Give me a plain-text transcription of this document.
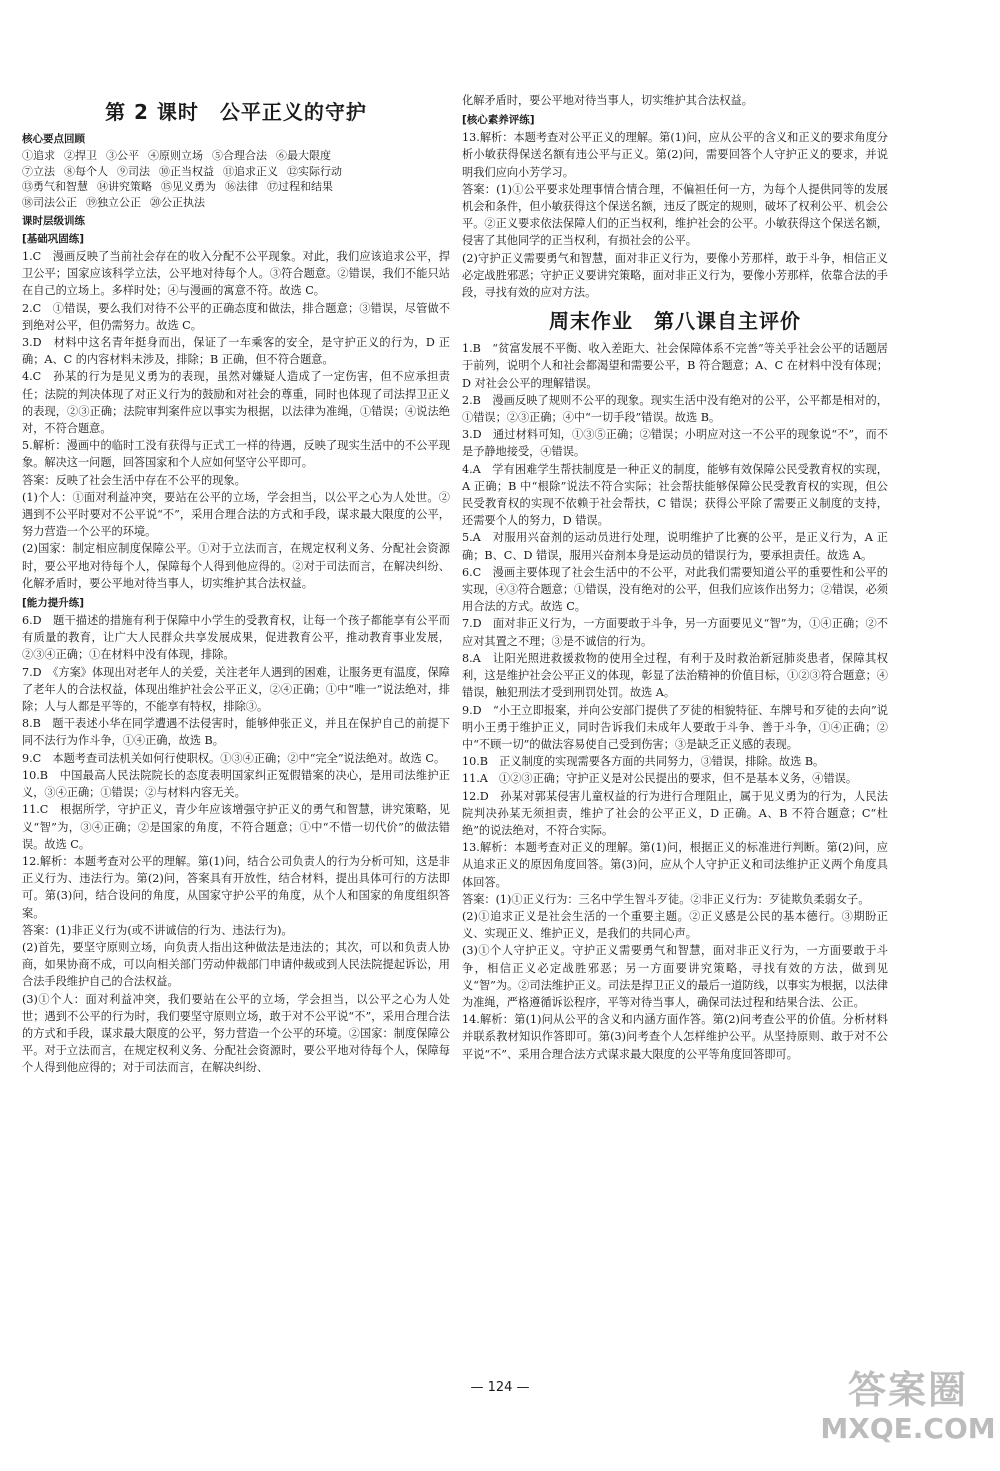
第 2 课时　公平正义的守护
核心要点回顾
①追求 ②捍卫 ③公平 ④原则立场 ⑤合理合法 ⑥最大限度
⑦立法 ⑧每个人 ⑨司法 ⑩正当权益 ⑪追求正义 ⑫实际行动
⑬勇气和智慧 ⑭讲究策略 ⑮见义勇为 ⑯法律 ⑰过程和结果
⑱司法公正 ⑲独立公正 ⑳公正执法
课时层级训练
[基础巩固练]

1.C　漫画反映了当前社会存在的收入分配不公平现象。对此，我们应该追求公平，捍卫公平；国家应该科学立法，公平地对待每个人。③符合题意。②错误，我们不能只站在自己的立场上。多样时处；④与漫画的寓意不符。故选 C。

2.C　①错误，要么我们对待不公平的正确态度和做法，排合题意；③错误，尽管做不到绝对公平，但仍需努力。故选 C。

3.D　材料中这名青年挺身而出，保证了一车乘客的安全，是守护正义的行为，D 正确；A、C 的内容材料未涉及，排除；B 正确，但不符合题意。

4.C　孙某的行为是见义勇为的表现，虽然对嫌疑人造成了一定伤害，但不应承担责任；法院的判决体现了对正义行为的鼓励和对社会的尊重，同时也体现了司法捍卫正义的表现，②③正确；法院审判案件应以事实为根据，以法律为准绳，①错误；④说法绝对，不符合题意。

5.解析：漫画中的临时工没有获得与正式工一样的待遇，反映了现实生活中的不公平现象。解决这一问题，回答国家和个人应如何坚守公平即可。

答案：反映了社会生活中存在不公平的现象。

(1)个人：①面对利益冲突，要站在公平的立场，学会担当，以公平之心为人处世。②遇到不公平时要对不公平说“不”，采用合理合法的方式和手段，谋求最大限度的公平，努力营造一个公平的环境。

(2)国家：制定相应制度保障公平。①对于立法而言，在规定权利义务、分配社会资源时，要公平地对待每个人，保障每个人得到他应得的。②对于司法而言，在解决纠纷、化解矛盾时，要公平地对待当事人，切实维护其合法权益。

[能力提升练]

6.D　题干描述的措施有利于保障中小学生的受教育权，让每一个孩子都能享有公平而有质量的教育，让广大人民群众共享发展成果，促进教育公平，推动教育事业发展，②③④正确；①在材料中没有体现，排除。

7.D　《方案》体现出对老年人的关爱，关注老年人遇到的困难，让服务更有温度，保障了老年人的合法权益，体现出维护社会公平正义，②④正确；①中“唯一”说法绝对，排除；人与人都是平等的，不能享有特权，排除③。

8.B　题干表述小华在同学遭遇不法侵害时，能够伸张正义，并且在保护自己的前提下同不法行为作斗争，①④正确，故选 B。

9.C　本题考查司法机关如何行使职权。①③④正确；②中“完全”说法绝对。故选 C。

10.B　中国最高人民法院院长的态度表明国家纠正冤假错案的决心，是用司法维护正义，③④正确；①错误；②与材料内容无关。

11.C　根据所学，守护正义，青少年应该增强守护正义的勇气和智慧，讲究策略，见义“智”为，③④正确；②是国家的角度，不符合题意；①中“不惜一切代价”的做法错误。故选 C。

12.解析：本题考查对公平的理解。第(1)问，结合公司负责人的行为分析可知，这是非正义行为、违法行为。第(2)问，答案具有开放性，结合材料，提出具体可行的方法即可。第(3)问，结合设问的角度，从国家守护公平的角度，从个人和国家的角度组织答案。

答案：(1)非正义行为(或不讲诚信的行为、违法行为)。

(2)首先，要坚守原则立场，向负责人指出这种做法是违法的；其次，可以和负责人协商，如果协商不成，可以向相关部门劳动仲裁部门申请仲裁或到人民法院提起诉讼，用合法手段维护自己的合法权益。

(3)①个人：面对利益冲突，我们要站在公平的立场，学会担当，以公平之心为人处世；遇到不公平的行为时，我们要坚守原则立场，敢于对不公平说“不”，采用合理合法的方式和手段，谋求最大限度的公平，努力营造一个公平的环境。②国家：制度保障公平。对于立法而言，在规定权利义务、分配社会资源时，要公平地对待每个人，保障每个人得到他应得的；对于司法而言，在解决纠纷、

化解矛盾时，要公平地对待当事人，切实维护其合法权益。

[核心素养评练]

13.解析：本题考查对公平正义的理解。第(1)问，应从公平的含义和正义的要求角度分析小敏获得保送名额有违公平与正义。第(2)问，需要回答个人守护正义的要求，并说明我们应向小芳学习。

答案：(1)①公平要求处理事情合情合理，不偏袒任何一方，为每个人提供同等的发展机会和条件，但小敏获得这个保送名额，违反了既定的规则，破坏了权利公平、机会公平。②正义要求依法保障人们的正当权利，维护社会的公平。小敏获得这个保送名额，侵害了其他同学的正当权利，有损社会的公平。

(2)守护正义需要勇气和智慧，面对非正义行为，要像小芳那样，敢于斗争，相信正义必定战胜邪恶；守护正义要讲究策略，面对非正义行为，要像小芳那样，依靠合法的手段，寻找有效的应对方法。

周末作业　第八课自主评价

1.B　“贫富发展不平衡、收入差距大、社会保障体系不完善”等关乎社会公平的话题居于前列，说明个人和社会都渴望和需要公平，B 符合题意；A、C 在材料中没有体现；D 对社会公平的理解错误。

2.B　漫画反映了规则不公平的现象。现实生活中没有绝对的公平，公平都是相对的，①错误；②③正确；④中“一切手段”错误。故选 B。

3.D　通过材料可知，①③⑤正确；②错误；小明应对这一不公平的现象说“不”，而不是予静地接受，④错误。

4.A　学有困难学生帮扶制度是一种正义的制度，能够有效保障公民受教育权的实现，A 正确；B 中“根除”说法不符合实际；社会帮扶能够保障公民受教育权的实现，但公民受教育权的实现不依赖于社会帮扶，C 错误；获得公平除了需要正义制度的支持，还需要个人的努力，D 错误。

5.A　对服用兴奋剂的运动员进行处理，说明维护了比赛的公平，是正义行为，A 正确；B、C、D 错误，服用兴奋剂本身是运动员的错误行为，要承担责任。故选 A。

6.C　漫画主要体现了社会生活中的不公平，对此我们需要知道公平的重要性和公平的实现，④③符合题意；①错误，没有绝对的公平，但我们应该作出努力；②错误，必须用合法的方式。故选 C。

7.D　面对非正义行为，一方面要敢于斗争，另一方面要见义“智”为，①④正确；②不应对其置之不理；③是不诚信的行为。

8.A　让阳光照进救援救物的使用全过程，有利于及时救治新冠肺炎患者，保障其权利，这是维护社会公平正义的体现，彰显了法治精神的价值目标，①②③符合题意；④错误，触犯刑法才受到刑罚处罚。故选 A。

9.D　“小王立即报案，并向公安部门提供了歹徒的相貌特征、车牌号和歹徒的去向”说明小王勇于维护正义，同时告诉我们未成年人要敢于斗争、善于斗争，①④正确；②中“不顾一切”的做法容易使自己受到伤害；③是缺乏正义感的表现。

10.B　正义制度的实现需要各方面的共同努力，③错误，排除。故选 B。

11.A　①②③正确；守护正义是对公民提出的要求，但不是基本义务，④错误。

12.D　孙某对郭某侵害儿童权益的行为进行合理阻止，属于见义勇为的行为，人民法院判决孙某无须担责，维护了社会的公平正义，D 正确。A、B 不符合题意；C“杜绝”的说法绝对，不符合实际。

13.解析：本题考查对正义的理解。第(1)问，根据正义的标准进行判断。第(2)问，应从追求正义的原因角度回答。第(3)问，应从个人守护正义和司法维护正义两个角度具体回答。

答案：(1)①正义行为：三名中学生智斗歹徒。②非正义行为：歹徒欺负柔弱女子。

(2)①追求正义是社会生活的一个重要主题。②正义感是公民的基本德行。③期盼正义、实现正义、维护正义，是我们的共同心声。

(3)①个人守护正义。守护正义需要勇气和智慧，面对非正义行为，一方面要敢于斗争，相信正义必定战胜邪恶；另一方面要讲究策略，寻找有效的方法，做到见义“智”为。②司法维护正义。司法是捍卫正义的最后一道防线，以事实为根据，以法律为准绳，严格遵循诉讼程序，平等对待当事人，确保司法过程和结果合法、公正。

14.解析：第(1)问从公平的含义和内涵方面作答。第(2)问考查公平的价值。分析材料并联系教材知识作答即可。第(3)问考查个人怎样维护公平。从坚持原则、敢于对不公平说“不”、采用合理合法方式谋求最大限度的公平等角度回答即可。

— 124 —	答案圈
MXQE.COM
